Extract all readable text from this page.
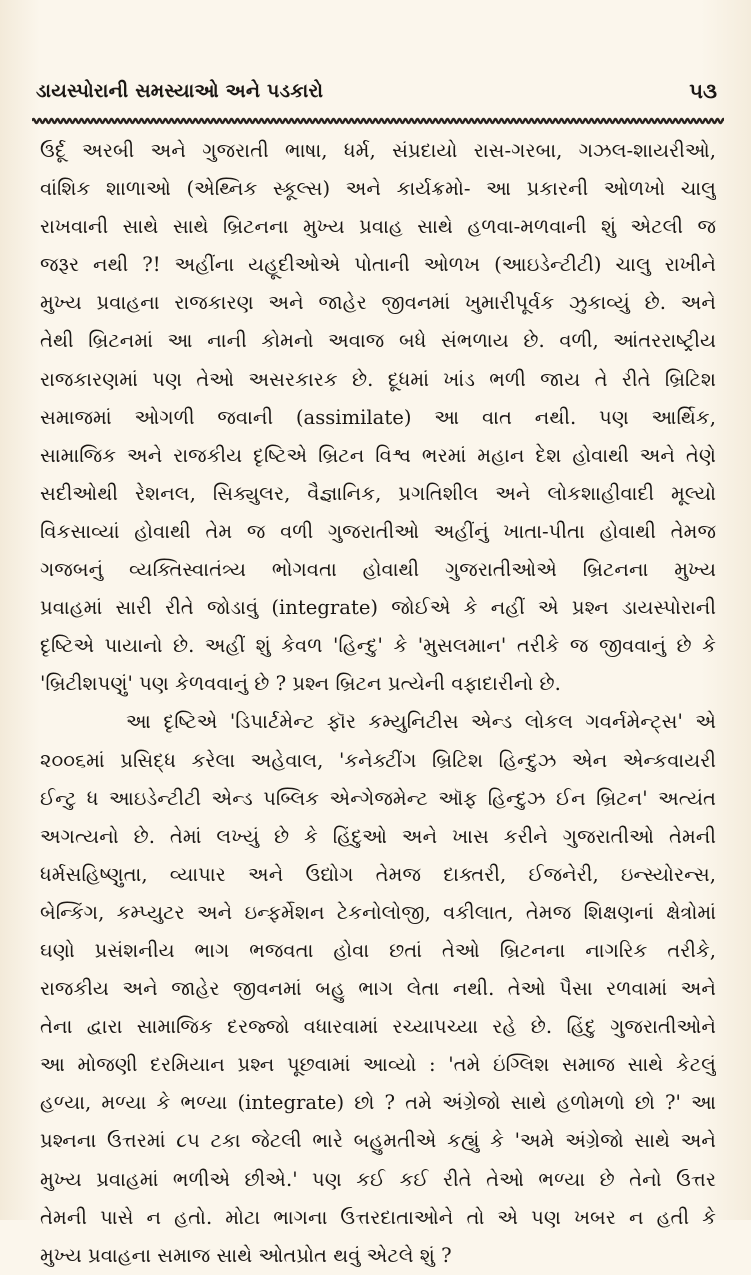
ડાયસ્પોરાની સમસ્યાઓ અને પડકારો	૫૩
ઉર્દૂ અરબી અને ગુજરાતી ભાષા, ધર્મ, સંપ્રદાયો રાસ-ગરબા, ગઝલ-શાયરીઓ,
વાંશિક શાળાઓ (એથ્નિક સ્કૂલ્સ) અને કાર્યક્રમો- આ પ્રકારની ઓળખો ચાલુ
રાખવાની સાથે સાથે બ્રિટનના મુખ્ય પ્રવાહ સાથે હળવા-મળવાની શું એટલી જ
જરૂર નથી ?! અહીંના યહૂદીઓએ પોતાની ઓળખ (આઇડેન્ટીટી) ચાલુ રાખીને
મુખ્ય પ્રવાહના રાજકારણ અને જાહેર જીવનમાં ખુમારીપૂર્વક ઝુકાવ્યું છે. અને
તેથી બ્રિટનમાં આ નાની કોમનો અવાજ બધે સંભળાય છે. વળી, આંતરરાષ્ટ્રીય
રાજકારણમાં પણ તેઓ અસરકારક છે. દૂધમાં ખાંડ ભળી જાય તે રીતે બ્રિટિશ
સમાજમાં ઓગળી જવાની (assimilate) આ વાત નથી. પણ આર્થિક,
સામાજિક અને રાજકીય દૃષ્ટિએ બ્રિટન વિશ્વ ભરમાં મહાન દેશ હોવાથી અને તેણે
સદીઓથી રેશનલ, સિક્યુલર, વૈજ્ઞાનિક, પ્રગતિશીલ અને લોકશાહીવાદી મૂલ્યો
વિકસાવ્યાં હોવાથી તેમ જ વળી ગુજરાતીઓ અહીંનું ખાતા-પીતા હોવાથી તેમજ
ગજબનું વ્યક્તિસ્વાતંત્ર્ય ભોગવતા હોવાથી ગુજરાતીઓએ બ્રિટનના મુખ્ય
પ્રવાહમાં સારી રીતે જોડાવું (integrate) જોઈએ કે નહીં એ પ્રશ્ન ડાયસ્પોરાની
દૃષ્ટિએ પાયાનો છે. અહીં શું કેવળ 'હિન્દુ' કે 'મુસલમાન' તરીકે જ જીવવાનું છે કે
'બ્રિટીશપણું' પણ કેળવવાનું છે ? પ્રશ્ન બ્રિટન પ્રત્યેની વફાદારીનો છે.
આ દૃષ્ટિએ 'ડિપાર્ટમેન્ટ ફૉર કમ્યુનિટીસ એન્ડ લોકલ ગવર્નમેન્ટ્સ' એ
૨૦૦૬માં પ્રસિદ્ધ કરેલા અહેવાલ, 'કનેક્ટીંગ બ્રિટિશ હિન્દુઝ એન એન્કવાયરી
ઈન્ટુ ધ આઇડેન્ટીટી એન્ડ પબ્લિક એન્ગેજમેન્ટ ઑફ હિન્દુઝ ઈન બ્રિટન' અત્યંત
અગત્યનો છે. તેમાં લખ્યું છે કે હિંદુઓ અને ખાસ કરીને ગુજરાતીઓ તેમની
ધર્મસહિષ્ણુતા, વ્યાપાર અને ઉદ્યોગ તેમજ દાક્તરી, ઈજનેરી, ઇન્સ્યોરન્સ,
બેન્કિંગ, કમ્પ્યુટર અને ઇન્ફર્મેશન ટેકનોલોજી, વકીલાત, તેમજ શિક્ષણનાં ક્ષેત્રોમાં
ઘણો પ્રસંશનીય ભાગ ભજવતા હોવા છતાં તેઓ બ્રિટનના નાગરિક તરીકે,
રાજકીય અને જાહેર જીવનમાં બહુ ભાગ લેતા નથી. તેઓ પૈસા રળવામાં અને
તેના દ્વારા સામાજિક દરજ્જો વધારવામાં રચ્યાપચ્યા રહે છે. હિંદુ ગુજરાતીઓને
આ મોજણી દરમિયાન પ્રશ્ન પૂછવામાં આવ્યો : 'તમે ઇંગ્લિશ સમાજ સાથે કેટલું
હળ્યા, મળ્યા કે ભળ્યા (integrate) છો ? તમે અંગ્રેજો સાથે હળોમળો છો ?' આ
પ્રશ્નના ઉત્તરમાં ૮૫ ટકા જેટલી ભારે બહુમતીએ કહ્યું કે 'અમે અંગ્રેજો સાથે અને
મુખ્ય પ્રવાહમાં ભળીએ છીએ.' પણ કઈ કઈ રીતે તેઓ ભળ્યા છે તેનો ઉત્તર
તેમની પાસે ન હતો. મોટા ભાગના ઉત્તરદાતાઓને તો એ પણ ખબર ન હતી કે
મુખ્ય પ્રવાહના સમાજ સાથે ઓતપ્રોત થવું એટલે શું ?
